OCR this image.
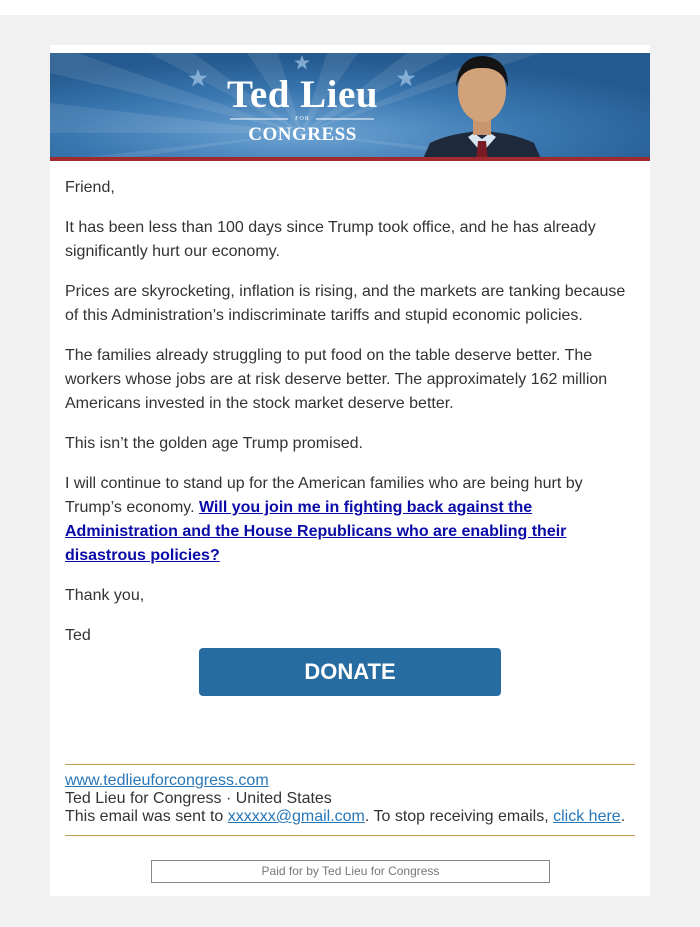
Ted Lieu
FOR
CONGRESS

Friend,

It has been less than 100 days since Trump took office, and he has already significantly hurt our economy.

Prices are skyrocketing, inflation is rising, and the markets are tanking because of this Administration’s indiscriminate tariffs and stupid economic policies.

The families already struggling to put food on the table deserve better. The workers whose jobs are at risk deserve better. The approximately 162 million Americans invested in the stock market deserve better.

This isn’t the golden age Trump promised.

I will continue to stand up for the American families who are being hurt by Trump’s economy. Will you join me in fighting back against the Administration and the House Republicans who are enabling their disastrous policies?

Thank you,

Ted

DONATE
www.tedlieuforcongress.com
Ted Lieu for Congress · United States
This email was sent to xxxxxx@gmail.com. To stop receiving emails, click here.
Paid for by Ted Lieu for Congress
